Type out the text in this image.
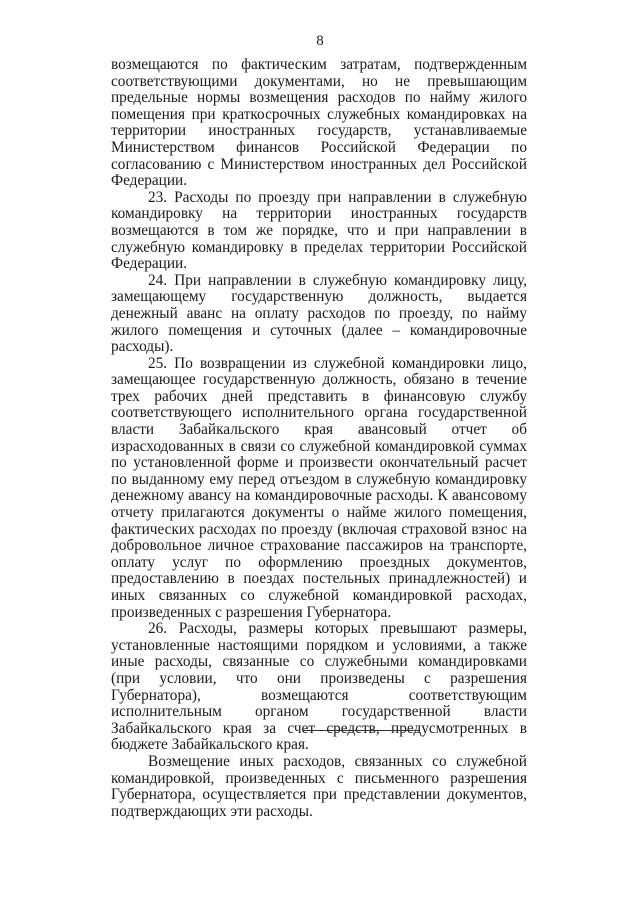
8

возмещаются по фактическим затратам, подтвержденным соответствующими документами, но не превышающим предельные нормы возмещения расходов по найму жилого помещения при краткосрочных служебных командировках на территории иностранных государств, устанавливаемые Министерством финансов Российской Федерации по согласованию с Министерством иностранных дел Российской Федерации.

23. Расходы по проезду при направлении в служебную командировку на территории иностранных государств возмещаются в том же порядке, что и при направлении в служебную командировку в пределах территории Российской Федерации.

24. При направлении в служебную командировку лицу, замещающему государственную должность, выдается денежный аванс на оплату расходов по проезду, по найму жилого помещения и суточных (далее – командировочные расходы).

25. По возвращении из служебной командировки лицо, замещающее государственную должность, обязано в течение трех рабочих дней представить в финансовую службу соответствующего исполнительного органа государственной власти Забайкальского края авансовый отчет об израсходованных в связи со служебной командировкой суммах по установленной форме и произвести окончательный расчет по выданному ему перед отъездом в служебную командировку денежному авансу на командировочные расходы. К авансовому отчету прилагаются документы о найме жилого помещения, фактических расходах по проезду (включая страховой взнос на добровольное личное страхование пассажиров на транспорте, оплату услуг по оформлению проездных документов, предоставлению в поездах постельных принадлежностей) и иных связанных со служебной командировкой расходах, произведенных с разрешения Губернатора.

26. Расходы, размеры которых превышают размеры, установленные настоящими порядком и условиями, а также иные расходы, связанные со служебными командировками (при условии, что они произведены с разрешения Губернатора), возмещаются соответствующим исполнительным органом государственной власти Забайкальского края за счет средств, предусмотренных в бюджете Забайкальского края.

Возмещение иных расходов, связанных со служебной командировкой, произведенных с письменного разрешения Губернатора, осуществляется при представлении документов, подтверждающих эти расходы.
